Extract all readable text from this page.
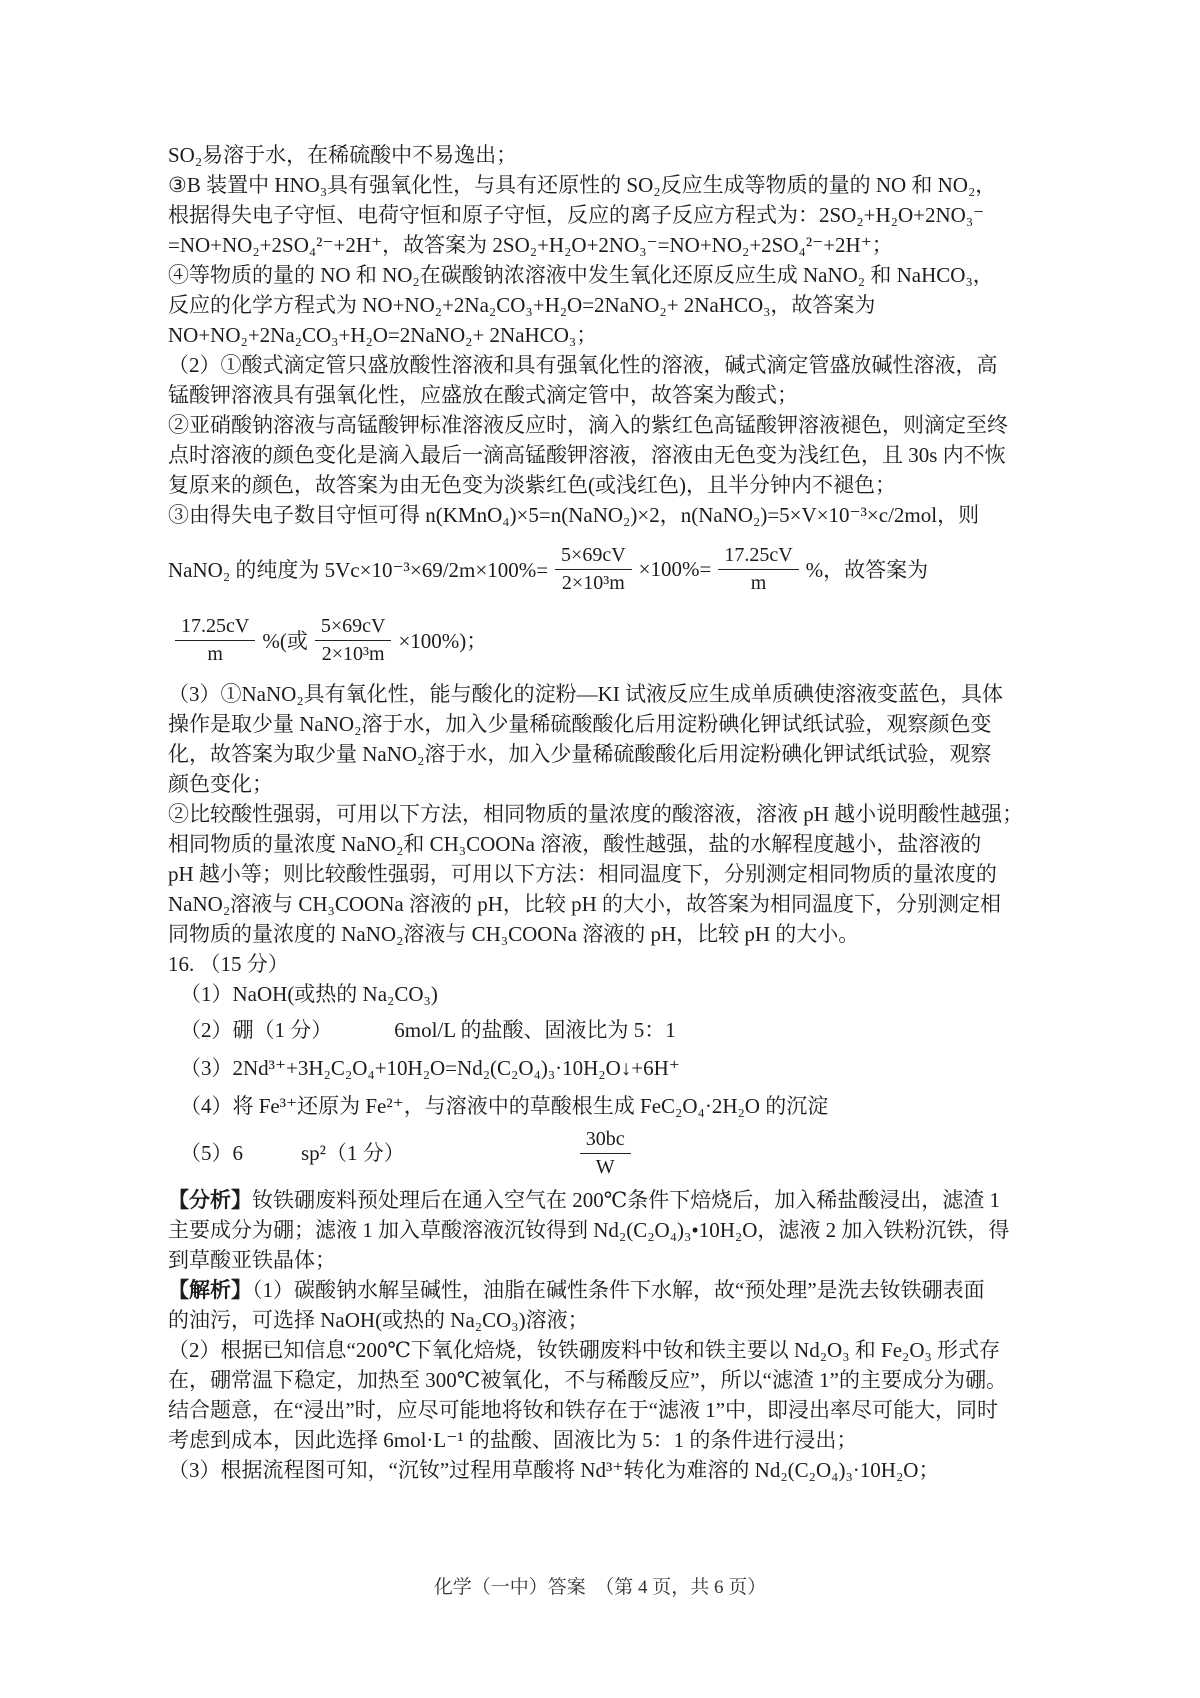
SO₂易溶于水，在稀硫酸中不易逸出；
③B 装置中 HNO₃具有强氧化性，与具有还原性的 SO₂反应生成等物质的量的 NO 和 NO₂，
根据得失电子守恒、电荷守恒和原子守恒，反应的离子反应方程式为：2SO₂+H₂O+2NO₃⁻
=NO+NO₂+2SO₄²⁻+2H⁺，故答案为 2SO₂+H₂O+2NO₃⁻=NO+NO₂+2SO₄²⁻+2H⁺；
④等物质的量的 NO 和 NO₂在碳酸钠浓溶液中发生氧化还原反应生成 NaNO₂ 和 NaHCO₃，
反应的化学方程式为 NO+NO₂+2Na₂CO₃+H₂O=2NaNO₂+ 2NaHCO₃，故答案为
NO+NO₂+2Na₂CO₃+H₂O=2NaNO₂+ 2NaHCO₃；
（2）①酸式滴定管只盛放酸性溶液和具有强氧化性的溶液，碱式滴定管盛放碱性溶液，高
锰酸钾溶液具有强氧化性，应盛放在酸式滴定管中，故答案为酸式；
②亚硝酸钠溶液与高锰酸钾标准溶液反应时，滴入的紫红色高锰酸钾溶液褪色，则滴定至终
点时溶液的颜色变化是滴入最后一滴高锰酸钾溶液，溶液由无色变为浅红色，且 30s 内不恢
复原来的颜色，故答案为由无色变为淡紫红色(或浅红色)，且半分钟内不褪色；
③由得失电子数目守恒可得 n(KMnO₄)×5=n(NaNO₂)×2，n(NaNO₂)=5×V×10⁻³×c/2mol，则
NaNO₂ 的纯度为 $5Vc\times 10^{-3}\times 69/2m\times 100\%= \frac{5\times 69cV}{\text{2×10³m}} \times 100\%= \frac{17.25cV}{m}$ %，故答案为
$\frac{17.25cV}{m}$ %(或 $\frac{5\times 69cV}{\text{2×10³m}} \times 100\%$)；
（3）①NaNO₂具有氧化性，能与酸化的淀粉—KI 试液反应生成单质碘使溶液变蓝色，具体
操作是取少量 NaNO₂溶于水，加入少量稀硫酸酸化后用淀粉碘化钾试纸试验，观察颜色变
化，故答案为取少量 NaNO₂溶于水，加入少量稀硫酸酸化后用淀粉碘化钾试纸试验，观察
颜色变化；
②比较酸性强弱，可用以下方法，相同物质的量浓度的酸溶液，溶液 pH 越小说明酸性越强；
相同物质的量浓度 NaNO₂和 CH₃COONa 溶液，酸性越强，盐的水解程度越小，盐溶液的
pH 越小等；则比较酸性强弱，可用以下方法：相同温度下，分别测定相同物质的量浓度的
NaNO₂溶液与 CH₃COONa 溶液的 pH，比较 pH 的大小，故答案为相同温度下，分别测定相
同物质的量浓度的 NaNO₂溶液与 CH₃COONa 溶液的 pH，比较 pH 的大小。
16. （15 分）
（1）NaOH(或热的 Na₂CO₃)
（2）硼（1 分）	6mol/L 的盐酸、固液比为 5：1
（3）2Nd³⁺+3H₂C₂O₄+10H₂O=Nd₂(C₂O₄)₃·10H₂O↓+6H⁺
（4）将 Fe³⁺还原为 Fe²⁺，与溶液中的草酸根生成 FeC₂O₄·2H₂O 的沉淀
（5）6	sp²（1 分）	$\frac{30bc}{W}$
【分析】钕铁硼废料预处理后在通入空气在 200℃条件下焙烧后，加入稀盐酸浸出，滤渣 1
主要成分为硼；滤液 1 加入草酸溶液沉钕得到 Nd₂(C₂O₄)₃•10H₂O，滤液 2 加入铁粉沉铁，得
到草酸亚铁晶体；
【解析】（1）碳酸钠水解呈碱性，油脂在碱性条件下水解，故“预处理”是洗去钕铁硼表面
的油污，可选择 NaOH(或热的 Na₂CO₃)溶液；
（2）根据已知信息“200℃下氧化焙烧，钕铁硼废料中钕和铁主要以 Nd₂O₃ 和 Fe₂O₃ 形式存
在，硼常温下稳定，加热至 300℃被氧化，不与稀酸反应”，所以“滤渣 1”的主要成分为硼。
结合题意，在“浸出”时，应尽可能地将钕和铁存在于“滤液 1”中，即浸出率尽可能大，同时
考虑到成本，因此选择 6mol·L⁻¹ 的盐酸、固液比为 5：1 的条件进行浸出；
（3）根据流程图可知，“沉钕”过程用草酸将 Nd³⁺转化为难溶的 Nd₂(C₂O₄)₃·10H₂O；
化学（一中）答案　（第 4 页，共 6 页）
